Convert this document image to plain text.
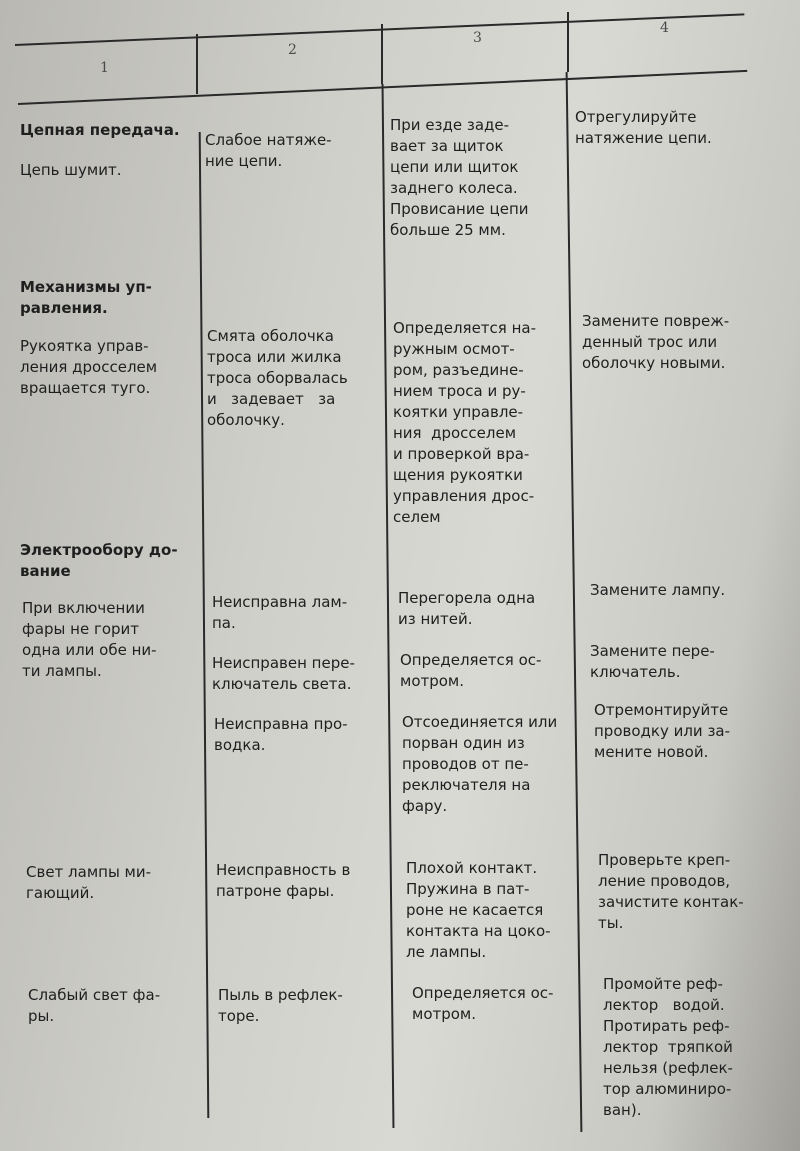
1
2
3
4

Цепная передача.

Цепь шумит.

Слабое натяже-
ние цепи.

При езде заде-
вает за щиток
цепи или щиток
заднего колеса.
Провисание цепи
больше 25 мм.

Отрегулируйте
натяжение цепи.

Механизмы уп-
равления.

Рукоятка управ-
ления дросселем
вращается туго.

Смята оболочка
троса или жилка
троса оборвалась
и   задевает   за
оболочку.

Определяется на-
ружным осмот-
ром, разъедине-
нием троса и ру-
коятки управле-
ния  дросселем
и проверкой вра-
щения рукоятки
управления дрос-
селем

Замените повреж-
денный трос или
оболочку новыми.

Электрообору до-
вание

При включении
фары не горит
одна или обе ни-
ти лампы.

Неисправна лам-
па.

Перегорела одна
из нитей.

Замените лампу.

Неисправен пере-
ключатель света.

Определяется ос-
мотром.

Замените пере-
ключатель.

Неисправна про-
водка.

Отсоединяется или
порван один из
проводов от пе-
реключателя на
фару.

Отремонтируйте
проводку или за-
мените новой.

Свет лампы ми-
гающий.

Неисправность в
патроне фары.

Плохой контакт.
Пружина в пат-
роне не касается
контакта на цоко-
ле лампы.

Проверьте креп-
ление проводов,
зачистите контак-
ты.

Слабый свет фа-
ры.

Пыль в рефлек-
торе.

Определяется ос-
мотром.

Промойте реф-
лектор   водой.
Протирать реф-
лектор  тряпкой
нельзя (рефлек-
тор алюминиро-
ван).
